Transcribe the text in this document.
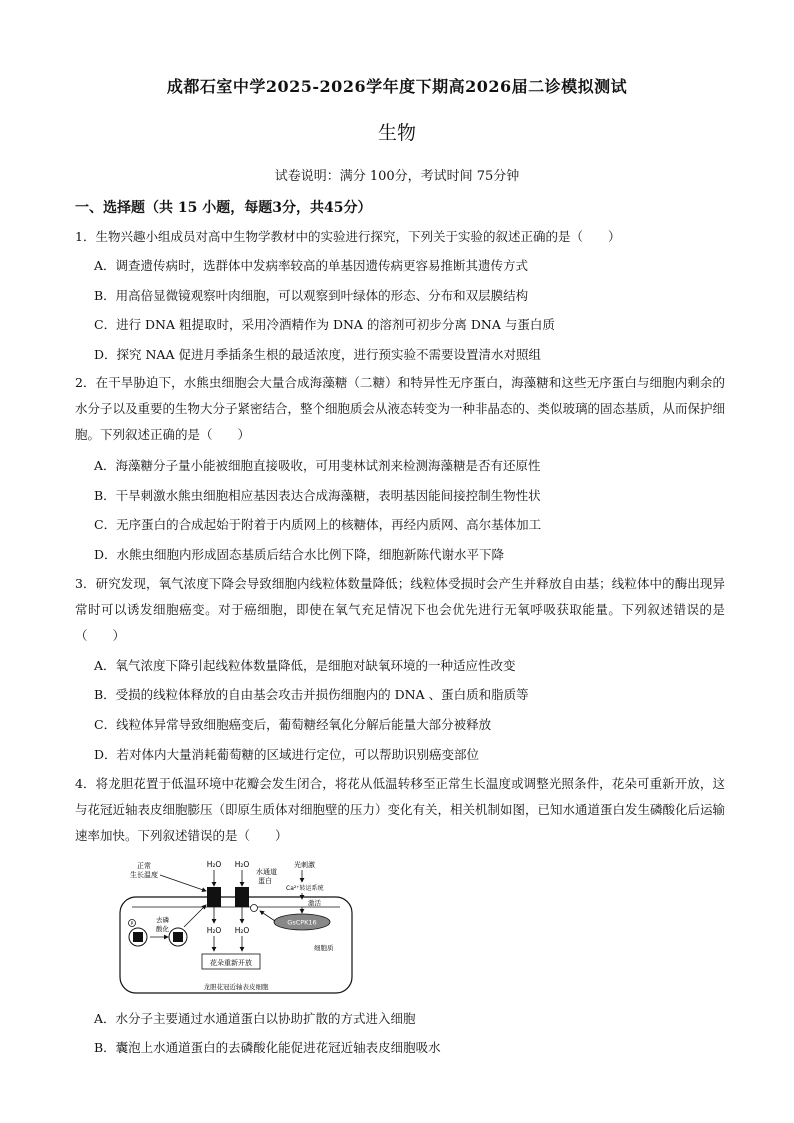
成都石室中学2025-2026学年度下期高2026届二诊模拟测试
生物
试卷说明：满分 100分，考试时间 75分钟
一、选择题（共 15 小题，每题3分，共45分）
1．生物兴趣小组成员对高中生物学教材中的实验进行探究，下列关于实验的叙述正确的是（　　）
A．调查遗传病时，选群体中发病率较高的单基因遗传病更容易推断其遗传方式
B．用高倍显微镜观察叶肉细胞，可以观察到叶绿体的形态、分布和双层膜结构
C．进行 DNA 粗提取时，采用冷酒精作为 DNA 的溶剂可初步分离 DNA 与蛋白质
D．探究 NAA 促进月季插条生根的最适浓度，进行预实验不需要设置清水对照组
2．在干旱胁迫下，水熊虫细胞会大量合成海藻糖（二糖）和特异性无序蛋白，海藻糖和这些无序蛋白与细胞内剩余的水分子以及重要的生物大分子紧密结合，整个细胞质会从液态转变为一种非晶态的、类似玻璃的固态基质，从而保护细胞。下列叙述正确的是（　　）
A．海藻糖分子量小能被细胞直接吸收，可用斐林试剂来检测海藻糖是否有还原性
B．干旱刺激水熊虫细胞相应基因表达合成海藻糖，表明基因能间接控制生物性状
C．无序蛋白的合成起始于附着于内质网上的核糖体，再经内质网、高尔基体加工
D．水熊虫细胞内形成固态基质后结合水比例下降，细胞新陈代谢水平下降
3．研究发现，氧气浓度下降会导致细胞内线粒体数量降低；线粒体受损时会产生并释放自由基；线粒体中的酶出现异常时可以诱发细胞癌变。对于癌细胞，即使在氧气充足情况下也会优先进行无氧呼吸获取能量。下列叙述错误的是（　　）
A．氧气浓度下降引起线粒体数量降低，是细胞对缺氧环境的一种适应性改变
B．受损的线粒体释放的自由基会攻击并损伤细胞内的 DNA 、蛋白质和脂质等
C．线粒体异常导致细胞癌变后，葡萄糖经氧化分解后能量大部分被释放
D．若对体内大量消耗葡萄糖的区域进行定位，可以帮助识别癌变部位
4．将龙胆花置于低温环境中花瓣会发生闭合，将花从低温转移至正常生长温度或调整光照条件，花朵可重新开放，这与花冠近轴表皮细胞膨压（即原生质体对细胞壁的压力）变化有关，相关机制如图，已知水通道蛋白发生磷酸化后运输速率加快。下列叙述错误的是（　　）
正常
生长温度
H₂O H₂O
水通道
蛋白
光刺激
Ca²⁺转运系统
激活
GsCPK16
细胞质
P
去磷
酸化	H₂O H₂O
花朵重新开放
龙胆花冠近轴表皮细胞
A．水分子主要通过水通道蛋白以协助扩散的方式进入细胞
B．囊泡上水通道蛋白的去磷酸化能促进花冠近轴表皮细胞吸水
